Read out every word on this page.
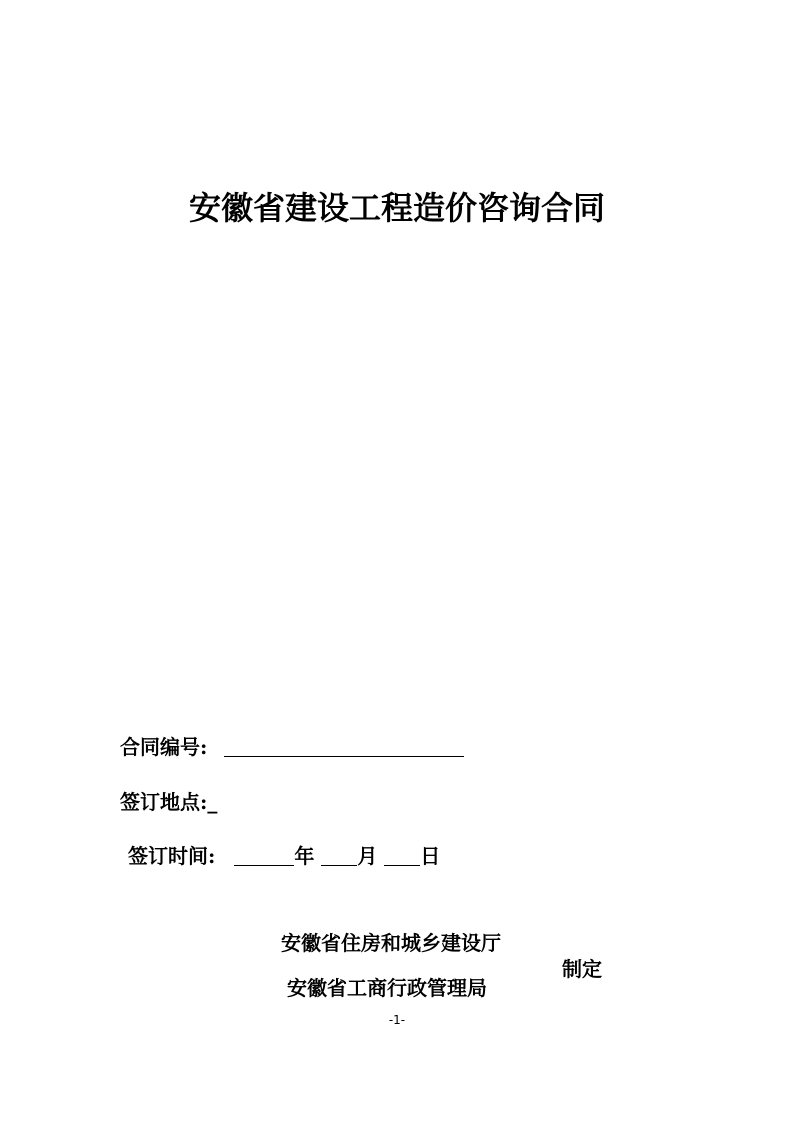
安徽省建设工程造价咨询合同
合同编号:
签订地点:_
签订时间:	年 月 日
安徽省住房和城乡建设厅
安徽省工商行政管理局
制定
-1-
